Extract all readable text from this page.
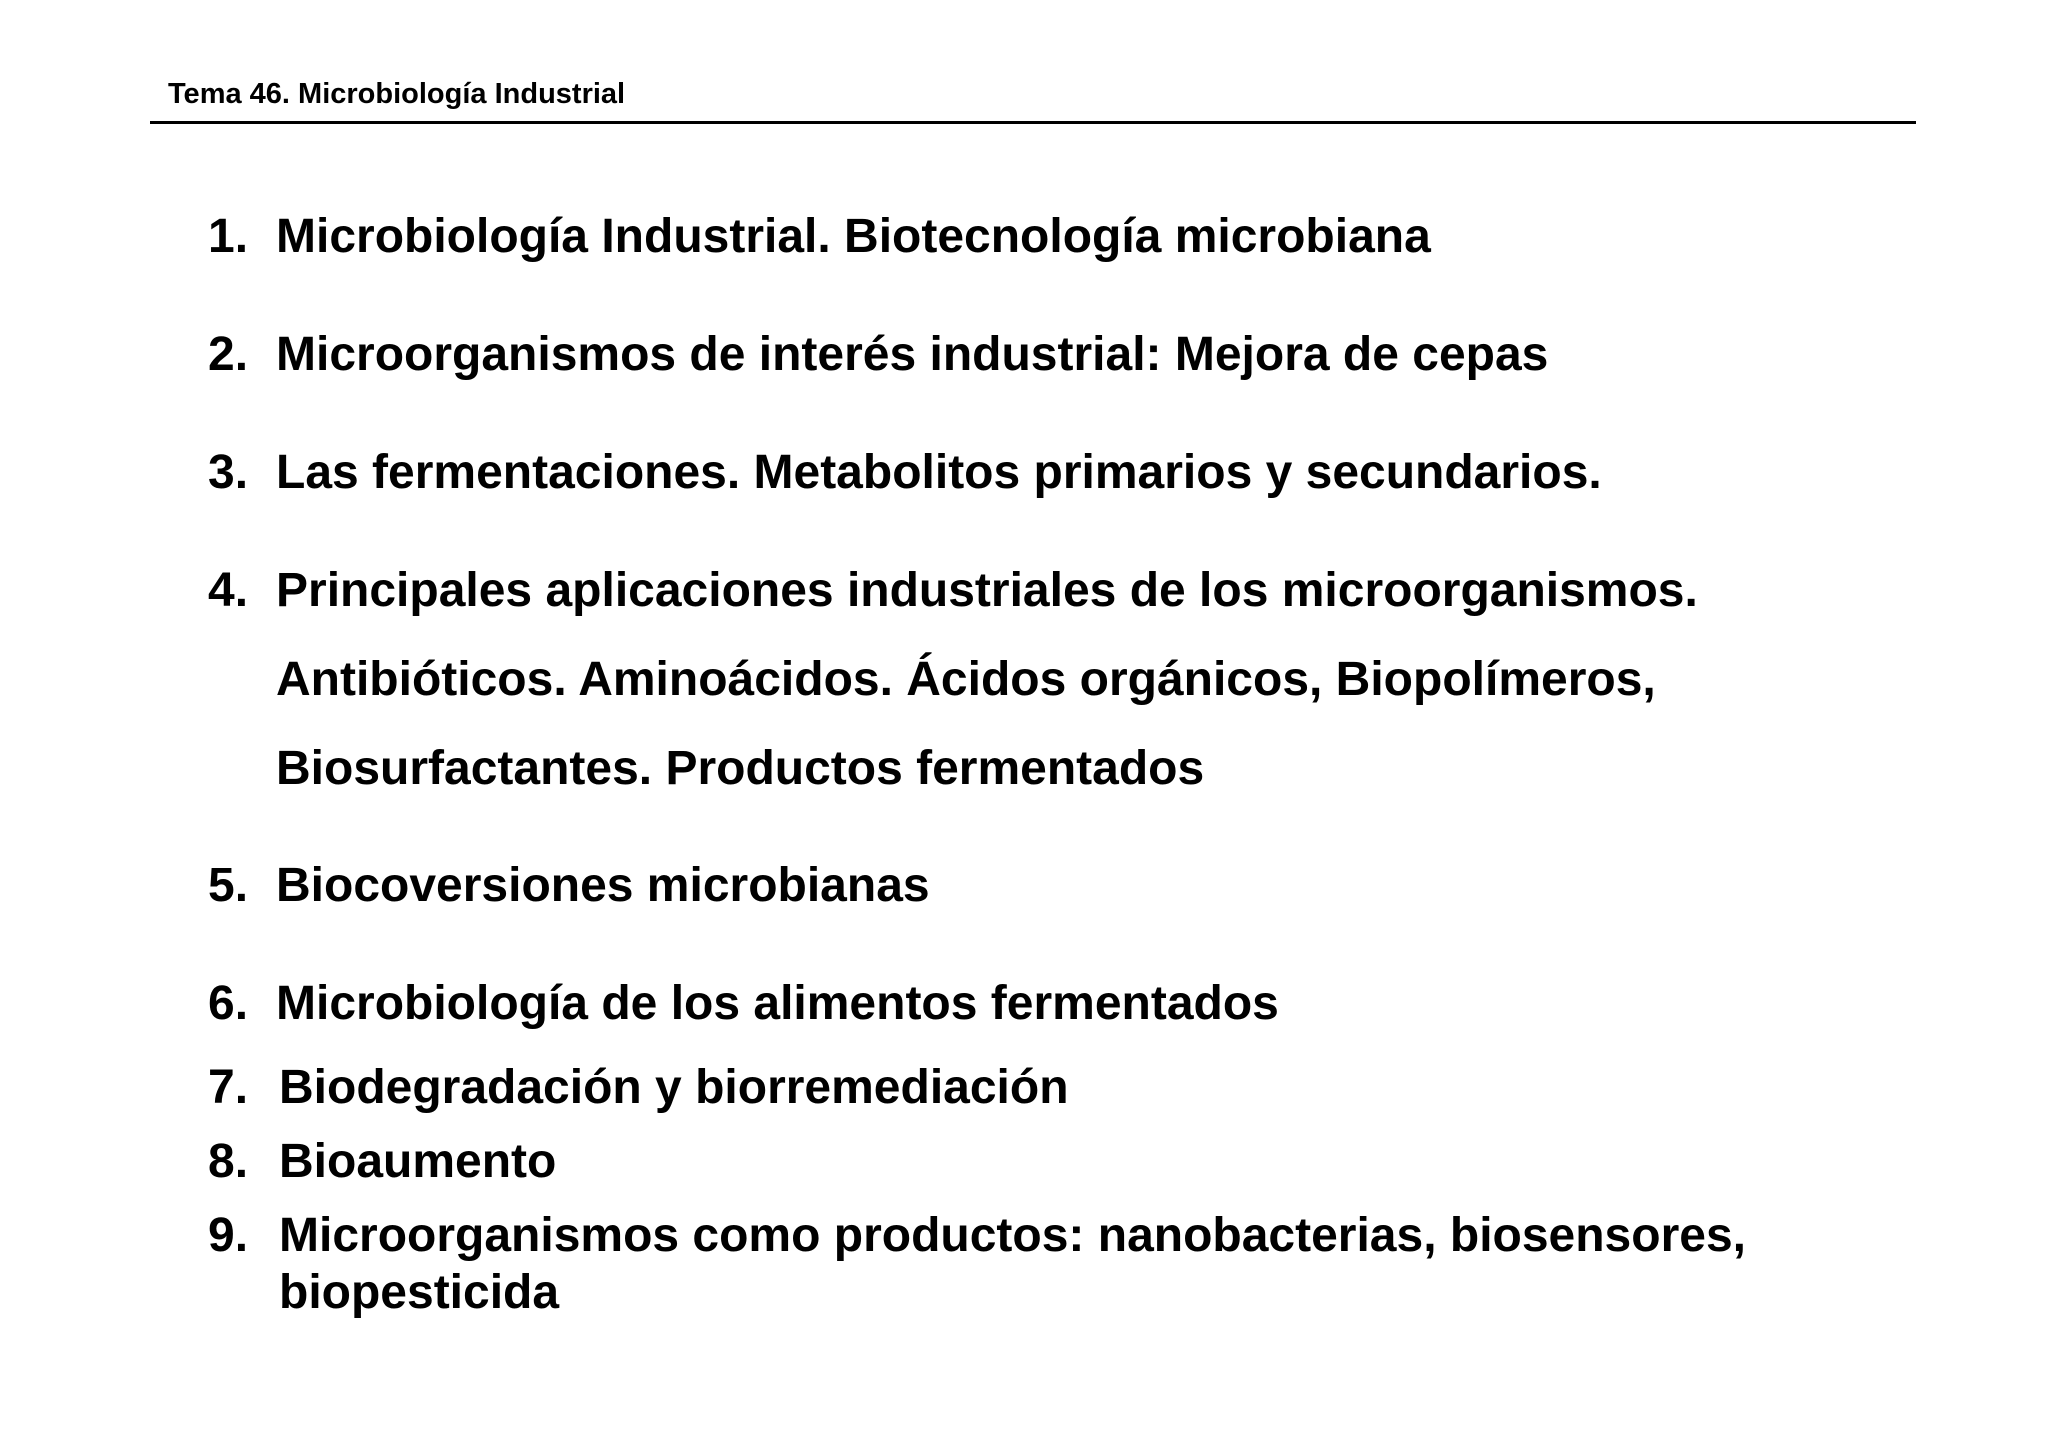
Tema 46. Microbiología Industrial
1. Microbiología Industrial. Biotecnología microbiana
2. Microorganismos de interés industrial: Mejora de cepas
3. Las fermentaciones. Metabolitos primarios y secundarios.
4. Principales aplicaciones industriales de los microorganismos.
Antibióticos. Aminoácidos. Ácidos orgánicos, Biopolímeros,
Biosurfactantes. Productos fermentados
5. Biocoversiones microbianas
6. Microbiología de los alimentos fermentados
7. Biodegradación y biorremediación
8. Bioaumento
9. Microorganismos como productos: nanobacterias, biosensores,
biopesticida
